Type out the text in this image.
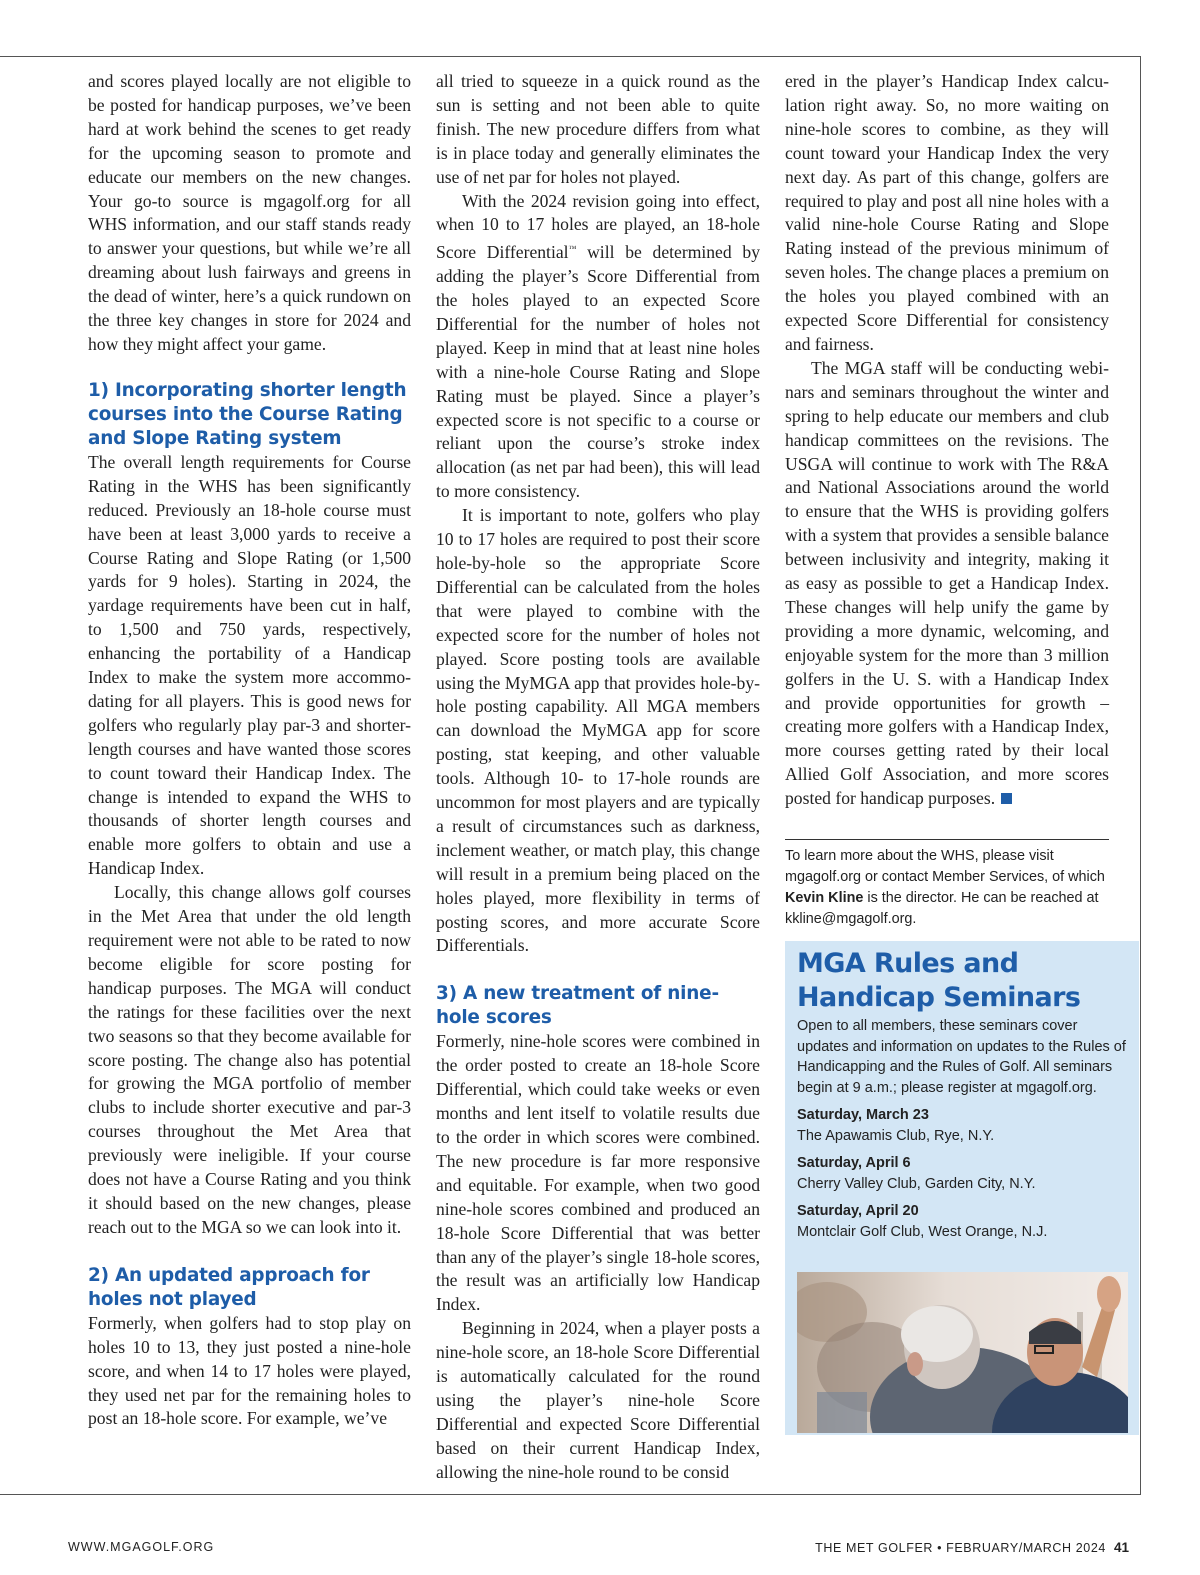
and scores played locally are not eligible to be posted for handicap purposes, we’ve been hard at work behind the scenes to get ready for the upcoming season to promote and educate our members on the new changes. Your go-to source is mgagolf.org for all WHS information, and our staff stands ready to answer your questions, but while we’re all dreaming about lush fairways and greens in the dead of winter, here’s a quick rundown on the three key changes in store for 2024 and how they might affect your game.

1) Incorporating shorter length courses into the Course Rating and Slope Rating system

The overall length requirements for Course Rating in the WHS has been significantly reduced. Previously an 18-hole course must have been at least 3,000 yards to receive a Course Rating and Slope Rating (or 1,500 yards for 9 holes). Starting in 2024, the yardage requirements have been cut in half, to 1,500 and 750 yards, respectively, enhancing the portability of a Handicap Index to make the system more accommodating for all players. This is good news for golfers who regularly play par-3 and shorter-length courses and have wanted those scores to count toward their Handicap Index. The change is intended to expand the WHS to thousands of shorter length courses and enable more golfers to obtain and use a Handicap Index.

Locally, this change allows golf courses in the Met Area that under the old length requirement were not able to be rated to now become eligible for score posting for handicap purposes. The MGA will conduct the ratings for these facilities over the next two seasons so that they become available for score posting. The change also has potential for growing the MGA portfolio of member clubs to include shorter executive and par-3 courses throughout the Met Area that previously were ineligible. If your course does not have a Course Rating and you think it should based on the new changes, please reach out to the MGA so we can look into it.

2) An updated approach for holes not played

Formerly, when golfers had to stop play on holes 10 to 13, they just posted a nine-hole score, and when 14 to 17 holes were played, they used net par for the remaining holes to post an 18-hole score. For example, we’ve

all tried to squeeze in a quick round as the sun is setting and not been able to quite finish. The new procedure differs from what is in place today and generally eliminates the use of net par for holes not played.

With the 2024 revision going into effect, when 10 to 17 holes are played, an 18-hole Score Differential™ will be determined by adding the player’s Score Differential from the holes played to an expected Score Differential for the number of holes not played. Keep in mind that at least nine holes with a nine-hole Course Rating and Slope Rating must be played. Since a player’s expected score is not specific to a course or reliant upon the course’s stroke index allocation (as net par had been), this will lead to more consistency.

It is important to note, golfers who play 10 to 17 holes are required to post their score hole-by-hole so the appropriate Score Differential can be calculated from the holes that were played to combine with the expected score for the number of holes not played. Score posting tools are available using the MyMGA app that provides hole-by-hole posting capability. All MGA members can download the MyMGA app for score posting, stat keeping, and other valuable tools. Although 10- to 17-hole rounds are uncommon for most players and are typically a result of circumstances such as darkness, inclement weather, or match play, this change will result in a premium being placed on the holes played, more flexibility in terms of posting scores, and more accurate Score Differentials.

3) A new treatment of nine-hole scores

Formerly, nine-hole scores were combined in the order posted to create an 18-hole Score Differential, which could take weeks or even months and lent itself to volatile results due to the order in which scores were combined. The new procedure is far more responsive and equitable. For example, when two good nine-hole scores combined and produced an 18-hole Score Differential that was better than any of the player’s single 18-hole scores, the result was an artificially low Handicap Index.

Beginning in 2024, when a player posts a nine-hole score, an 18-hole Score Differential is automatically calculated for the round using the player’s nine-hole Score Differential and expected Score Differential based on their current Handicap Index, allowing the nine-hole round to be consid

ered in the player’s Handicap Index calculation right away. So, no more waiting on nine-hole scores to combine, as they will count toward your Handicap Index the very next day. As part of this change, golfers are required to play and post all nine holes with a valid nine-hole Course Rating and Slope Rating instead of the previous minimum of seven holes. The change places a premium on the holes you played combined with an expected Score Differential for consistency and fairness.

The MGA staff will be conducting webinars and seminars throughout the winter and spring to help educate our members and club handicap committees on the revisions. The USGA will continue to work with The R&A and National Associations around the world to ensure that the WHS is providing golfers with a system that provides a sensible balance between inclusivity and integrity, making it as easy as possible to get a Handicap Index. These changes will help unify the game by providing a more dynamic, welcoming, and enjoyable system for the more than 3 million golfers in the U. S. with a Handicap Index and provide opportunities for growth – creating more golfers with a Handicap Index, more courses getting rated by their local Allied Golf Association, and more scores posted for handicap purposes.

To learn more about the WHS, please visit mgagolf.org or contact Member Services, of which Kevin Kline is the director. He can be reached at kkline@mgagolf.org.
MGA Rules and Handicap Seminars

Open to all members, these seminars cover updates and information on updates to the Rules of Handicapping and the Rules of Golf. All seminars begin at 9 a.m.; please register at mgagolf.org.

Saturday, March 23
The Apawamis Club, Rye, N.Y.
Saturday, April 6
Cherry Valley Club, Garden City, N.Y.
Saturday, April 20
Montclair Golf Club, West Orange, N.J.
WWW.MGAGOLF.ORG	THE MET GOLFER • FEBRUARY/MARCH 2024 41
